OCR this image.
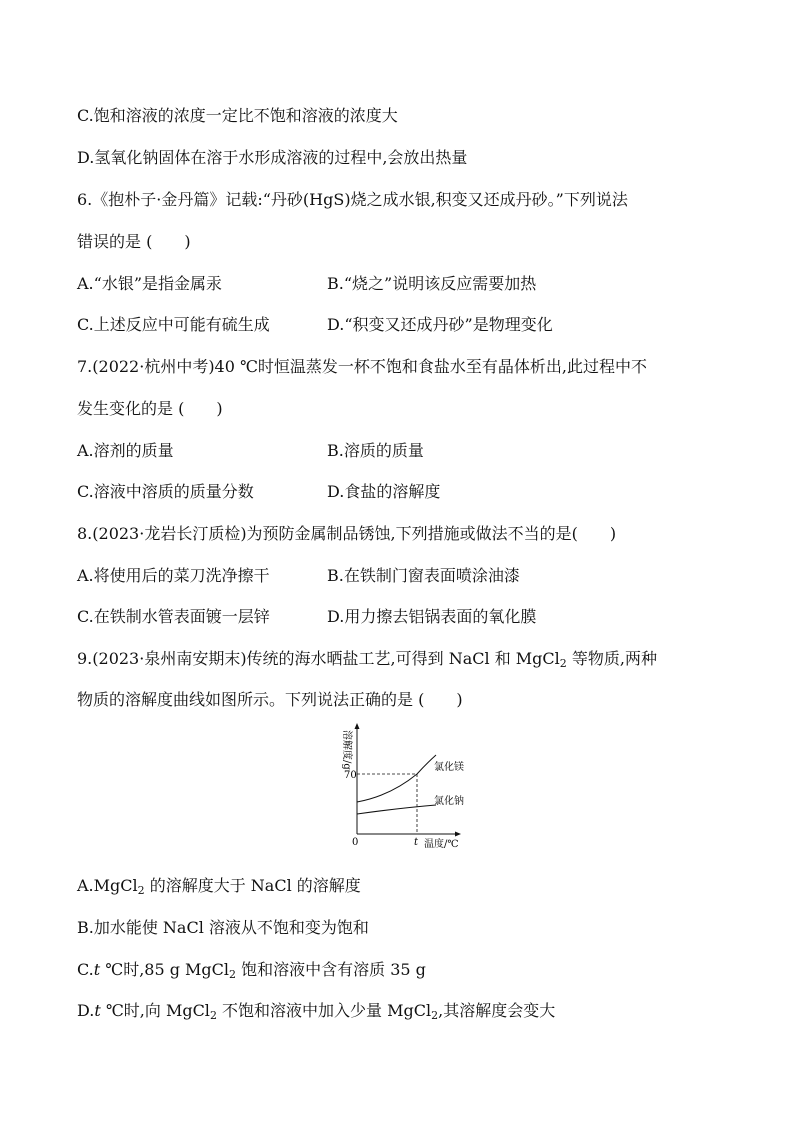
C.饱和溶液的浓度一定比不饱和溶液的浓度大
D.氢氧化钠固体在溶于水形成溶液的过程中,会放出热量
6.《抱朴子·金丹篇》记载:“丹砂(HgS)烧之成水银,积变又还成丹砂。”下列说法
错误的是 (　　)
A.“水银”是指金属汞	B.“烧之”说明该反应需要加热
C.上述反应中可能有硫生成	D.“积变又还成丹砂”是物理变化
7.(2022·杭州中考)40 ℃时恒温蒸发一杯不饱和食盐水至有晶体析出,此过程中不
发生变化的是 (　　)
A.溶剂的质量	B.溶质的质量
C.溶液中溶质的质量分数	D.食盐的溶解度
8.(2023·龙岩长汀质检)为预防金属制品锈蚀,下列措施或做法不当的是(　　)
A.将使用后的菜刀洗净擦干	B.在铁制门窗表面喷涂油漆
C.在铁制水管表面镀一层锌	D.用力擦去铝锅表面的氧化膜
9.(2023·泉州南安期末)传统的海水晒盐工艺,可得到 NaCl 和 MgCl$_2$ 等物质,两种
物质的溶解度曲线如图所示。下列说法正确的是 (　　)
溶解度/g
70
0	t 温度/℃
氯化镁
氯化钠
A.MgCl$_2$ 的溶解度大于 NaCl 的溶解度
B.加水能使 NaCl 溶液从不饱和变为饱和
C.t ℃时,85 g MgCl$_2$ 饱和溶液中含有溶质 35 g
D.t ℃时,向 MgCl$_2$ 不饱和溶液中加入少量 MgCl$_2$,其溶解度会变大
